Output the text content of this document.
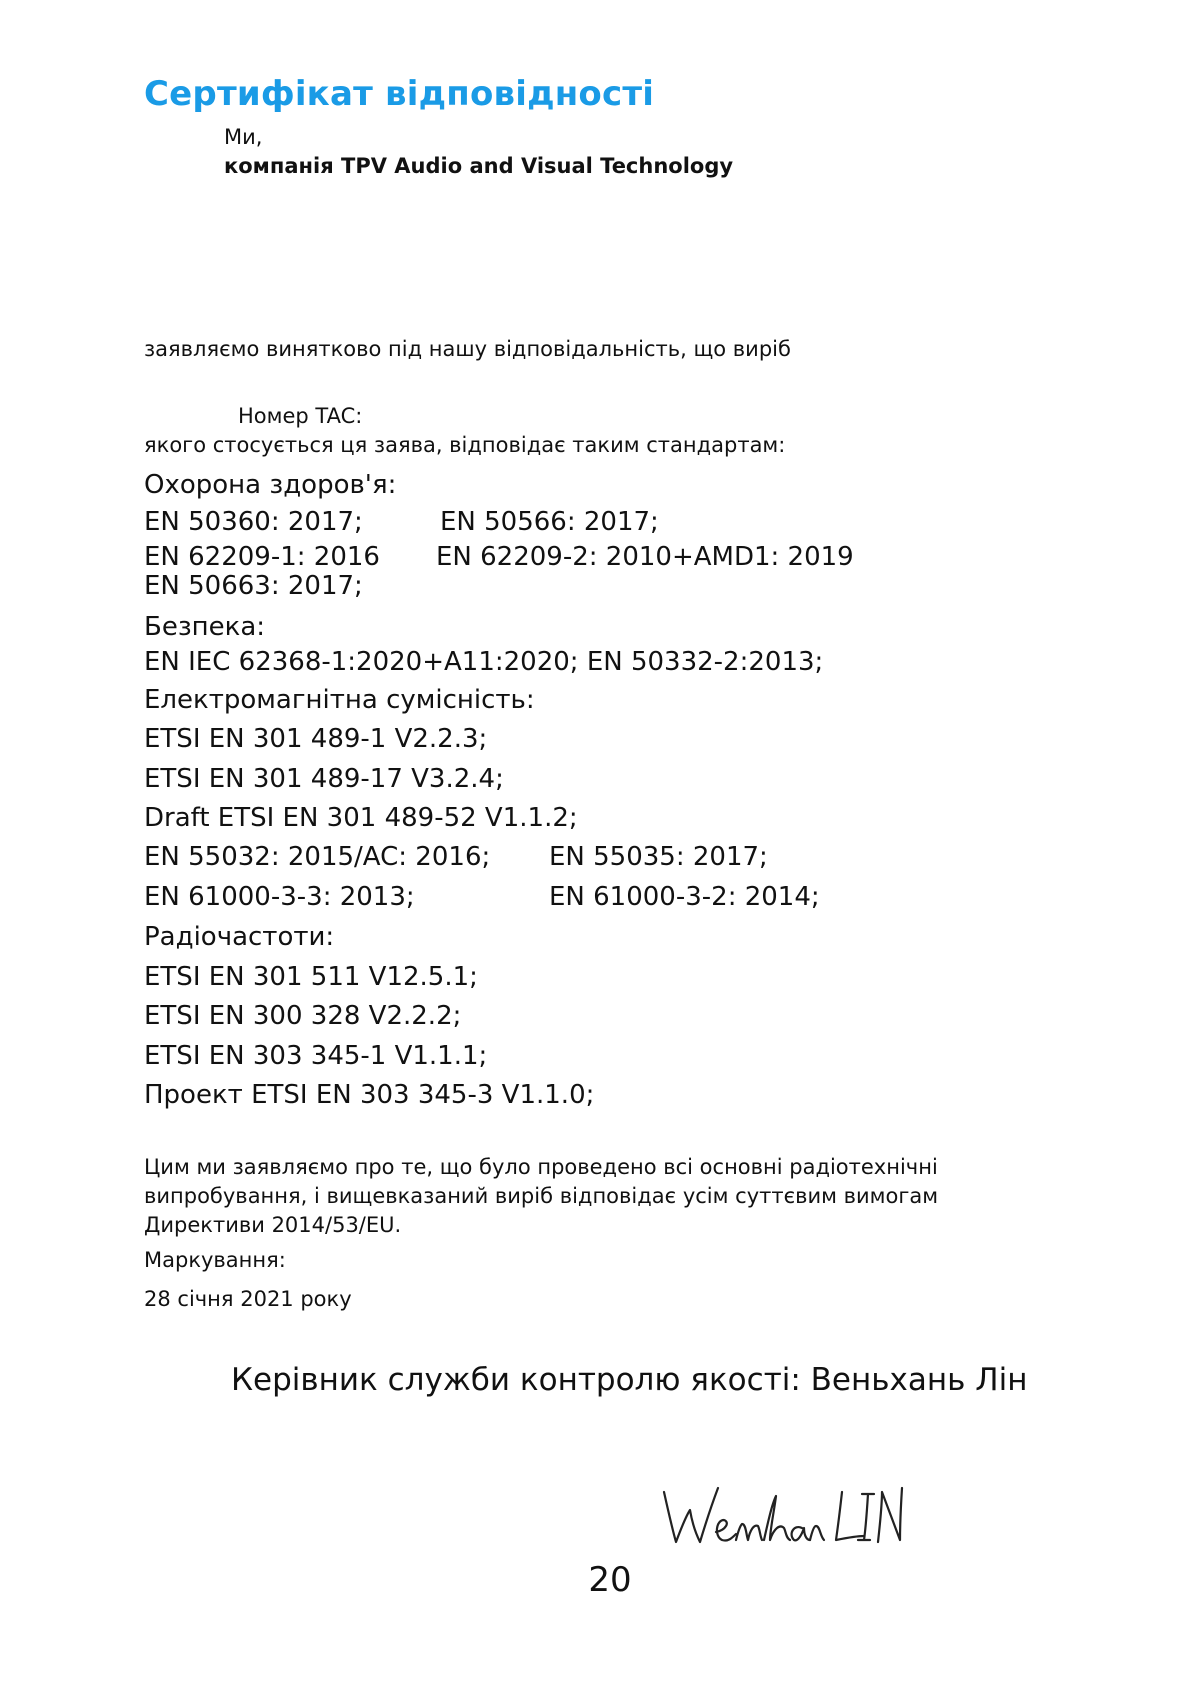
Сертифікат відповідності
Ми,
компанія TPV Audio and Visual Technology
заявляємо винятково під нашу відповідальність, що виріб
Номер TAC:
якого стосується ця заява, відповідає таким стандартам:
Охорона здоров'я:
EN 50360: 2017;	EN 50566: 2017;
EN 62209-1: 2016 EN 62209-2: 2010+AMD1: 2019
EN 50663: 2017;
Безпека:
EN IEC 62368-1:2020+A11:2020; EN 50332-2:2013;
Електромагнітна сумісність:
ETSI EN 301 489-1 V2.2.3;
ETSI EN 301 489-17 V3.2.4;
Draft ETSI EN 301 489-52 V1.1.2;
EN 55032: 2015/AC: 2016; EN 55035: 2017;
EN 61000-3-3: 2013;	EN 61000-3-2: 2014;
Радіочастоти:
ETSI EN 301 511 V12.5.1;
ETSI EN 300 328 V2.2.2;
ETSI EN 303 345-1 V1.1.1;
Проект ETSI EN 303 345-3 V1.1.0;
Цим ми заявляємо про те, що було проведено всі основні радіотехнічні випробування, і вищевказаний виріб відповідає усім суттєвим вимогам Директиви 2014/53/EU.
Маркування:
28 січня 2021 року
Керівник служби контролю якості: Веньхань Лін
20
